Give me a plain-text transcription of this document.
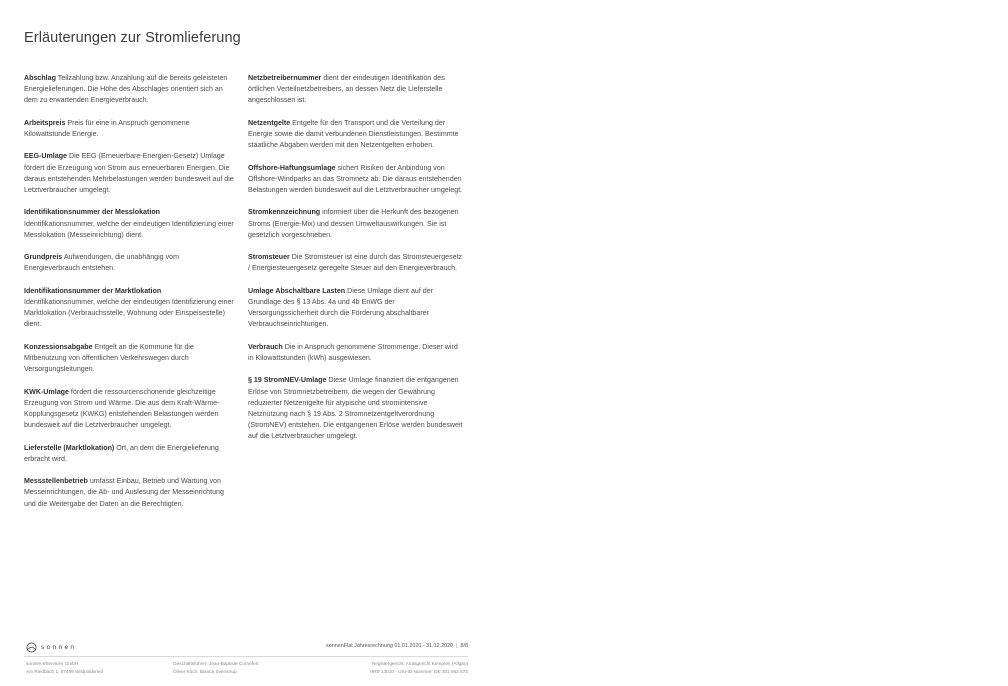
Erläuterungen zur Stromlieferung

Abschlag Teilzahlung bzw. Anzahlung auf die bereits geleisteten Energielieferungen. Die Höhe des Abschlages orientiert sich an dem zu erwartenden Energieverbrauch.

Arbeitspreis Preis für eine in Anspruch genommene Kilowattstunde Energie.

EEG-Umlage Die EEG (Erneuerbare-Energien-Gesetz) Umlage fördert die Erzeugung von Strom aus erneuerbaren Energien. Die daraus entstehenden Mehrbelastungen werden bundesweit auf die Letztverbraucher umgelegt.

Identifikationsnummer der Messlokation
Identifikationsnummer, welche der eindeutigen Identifizierung einer Messlokation (Messeinrichtung) dient.

Grundpreis Aufwendungen, die unabhängig vom Energieverbrauch entstehen.

Identifikationsnummer der Marktlokation
Identifikationsnummer, welche der eindeutigen Identifizierung einer Marktlokation (Verbrauchsstelle, Wohnung oder Einspeisestelle) dient.

Konzessionsabgabe Entgelt an die Kommune für die Mitbenutzung von öffentlichen Verkehrswegen durch Versorgungsleitungen.

KWK-Umlage fördert die ressourcenschonende gleichzeitige Erzeugung von Strom und Wärme. Die aus dem Kraft-Wärme- Kopplungsgesetz (KWKG) entstehenden Belastungen werden bundesweit auf die Letztverbraucher umgelegt.

Lieferstelle (Marktlokation) Ort, an dem die Energielieferung erbracht wird.

Messstellenbetrieb umfasst Einbau, Betrieb und Wartung von Messeinrichtungen, die Ab- und Auslesung der Messeinrichtung und die Weitergabe der Daten an die Berechtigten.

Netzbetreibernummer dient der eindeutigen Identifikation des örtlichen Verteilnetzbetreibers, an dessen Netz die Lieferstelle angeschlossen ist.

Netzentgelte Entgelte für den Transport und die Verteilung der Energie sowie die damit verbundenen Dienstleistungen. Bestimmte staatliche Abgaben werden mit den Netzentgelten erhoben.

Offshore-Haftungsumlage sichert Risiken der Anbindung von Offshore-Windparks an das Stromnetz ab. Die daraus entstehenden Belastungen werden bundesweit auf die Letztverbraucher umgelegt.

Stromkennzeichnung informiert über die Herkunft des bezogenen Stroms (Energie-Mix) und dessen Umweltauswirkungen. Sie ist gesetzlich vorgeschrieben.

Stromsteuer Die Stromsteuer ist eine durch das Stromsteuergesetz / Energiesteuergesetz geregelte Steuer auf den Energieverbrauch.

Umlage Abschaltbare Lasten Diese Umlage dient auf der Grundlage des § 13 Abs. 4a und 4b EnWG der Versorgungssicherheit durch die Förderung abschaltbarer Verbrauchseinrichtungen.

Verbrauch Die in Anspruch genommene Strommenge. Dieser wird in Kilowattstunden (kWh) ausgewiesen.

§ 19 StromNEV-Umlage Diese Umlage finanziert die entgangenen Erlöse von Stromnetzbetreibern, die wegen der Gewährung reduzierter Netzentgelte für atypische und stromintensive Netznutzung nach § 19 Abs. 2 Stromnetzentgeltverordnung (StromNEV) entstehen. Die entgangenen Erlöse werden bundesweit auf die Letztverbraucher umgelegt.

sonnen	sonnenFlat Jahresrechnung 01.01.2020 - 31.12.2020 | 8/8
sonnen eServices GmbH
Am Riedbach 1, 87499 Wildpoldsried
Geschäftsführer: Jean-Baptiste Cornefert
Oliver Koch, Bianca Svenstrup
Registergericht: Amtsgericht Kempten (Allgäu)
HRB 13010 · USt-ID Nummer: DE 301 862 572
